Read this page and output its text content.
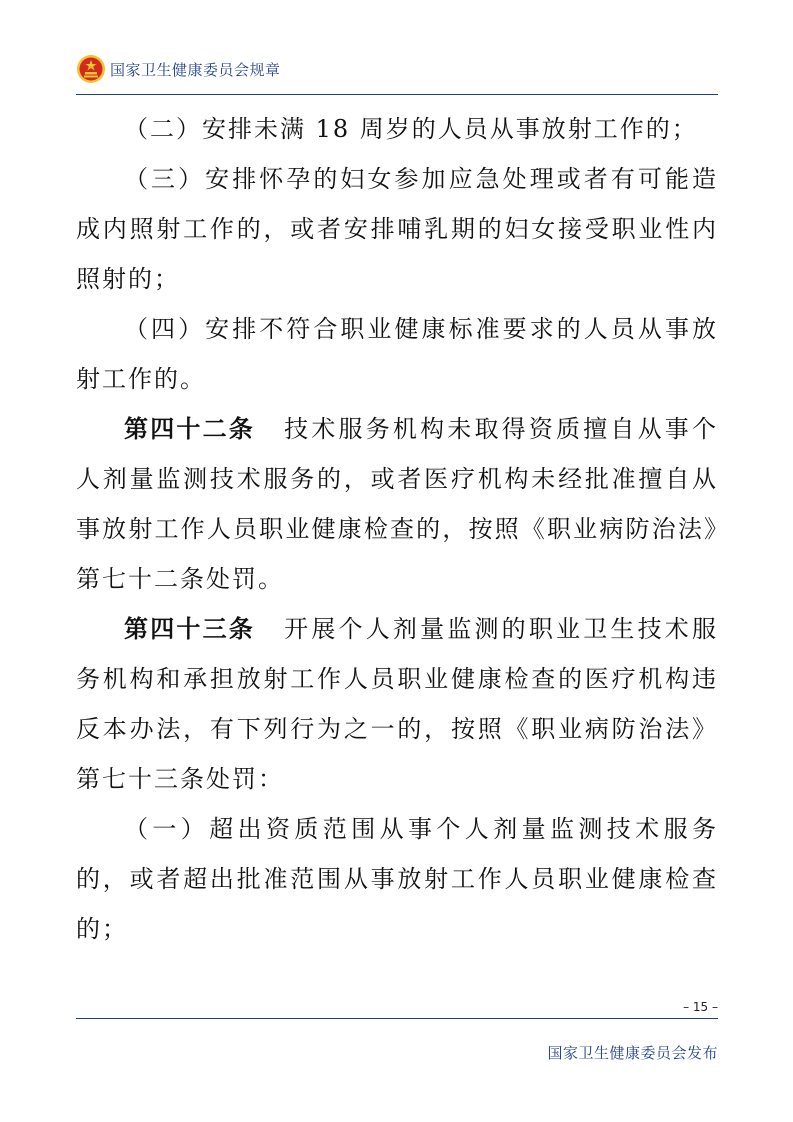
国家卫生健康委员会规章

（二）安排未满 18 周岁的人员从事放射工作的；

（三）安排怀孕的妇女参加应急处理或者有可能造成内照射工作的，或者安排哺乳期的妇女接受职业性内照射的；

（四）安排不符合职业健康标准要求的人员从事放射工作的。

第四十二条 技术服务机构未取得资质擅自从事个人剂量监测技术服务的，或者医疗机构未经批准擅自从事放射工作人员职业健康检查的，按照《职业病防治法》第七十二条处罚。

第四十三条 开展个人剂量监测的职业卫生技术服务机构和承担放射工作人员职业健康检查的医疗机构违反本办法，有下列行为之一的，按照《职业病防治法》第七十三条处罚：

（一）超出资质范围从事个人剂量监测技术服务的，或者超出批准范围从事放射工作人员职业健康检查的；

– 15 –
国家卫生健康委员会发布
